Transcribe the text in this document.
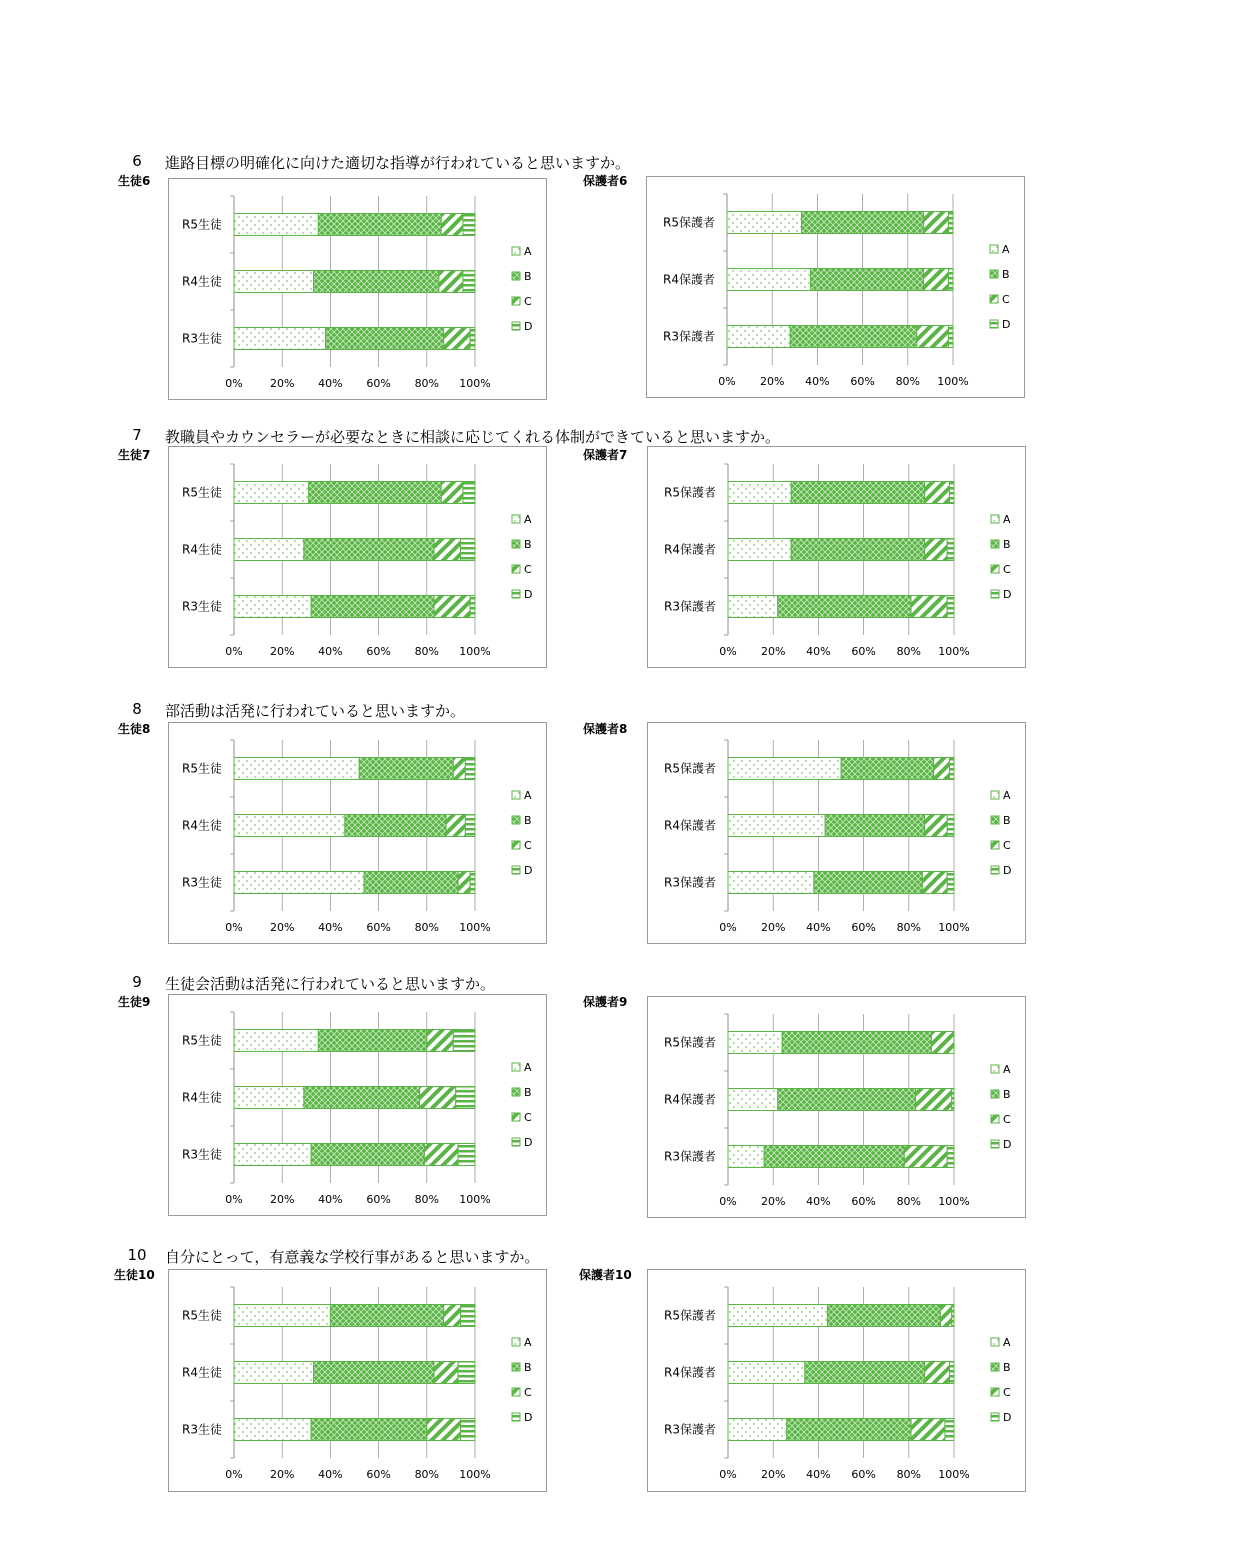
6	進路目標の明確化に向けた適切な指導が行われていると思いますか。
生徒6	保護者6
0% 20% 40% 60% 80% 100%
R5生徒
R4生徒
R3生徒
A
B
C
D
0% 20% 40% 60% 80% 100%
R5保護者
R4保護者
R3保護者
A
B
C
D
7	教職員やカウンセラーが必要なときに相談に応じてくれる体制ができていると思いますか。
生徒7	保護者7
0% 20% 40% 60% 80% 100%
R5生徒
R4生徒
R3生徒
A
B
C
D
0% 20% 40% 60% 80% 100%
R5保護者
R4保護者
R3保護者
A
B
C
D
8	部活動は活発に行われていると思いますか。
生徒8	保護者8
0% 20% 40% 60% 80% 100%
R5生徒
R4生徒
R3生徒
A
B
C
D
0% 20% 40% 60% 80% 100%
R5保護者
R4保護者
R3保護者
A
B
C
D
9	生徒会活動は活発に行われていると思いますか。
生徒9	保護者9
0% 20% 40% 60% 80% 100%
R5生徒
R4生徒
R3生徒
A
B
C
D
0% 20% 40% 60% 80% 100%
R5保護者
R4保護者
R3保護者
A
B
C
D
10 自分にとって，有意義な学校行事があると思いますか。
生徒10	保護者10
0% 20% 40% 60% 80% 100%
R5生徒
R4生徒
R3生徒
A
B
C
D
0% 20% 40% 60% 80% 100%
R5保護者
R4保護者
R3保護者
A
B
C
D
